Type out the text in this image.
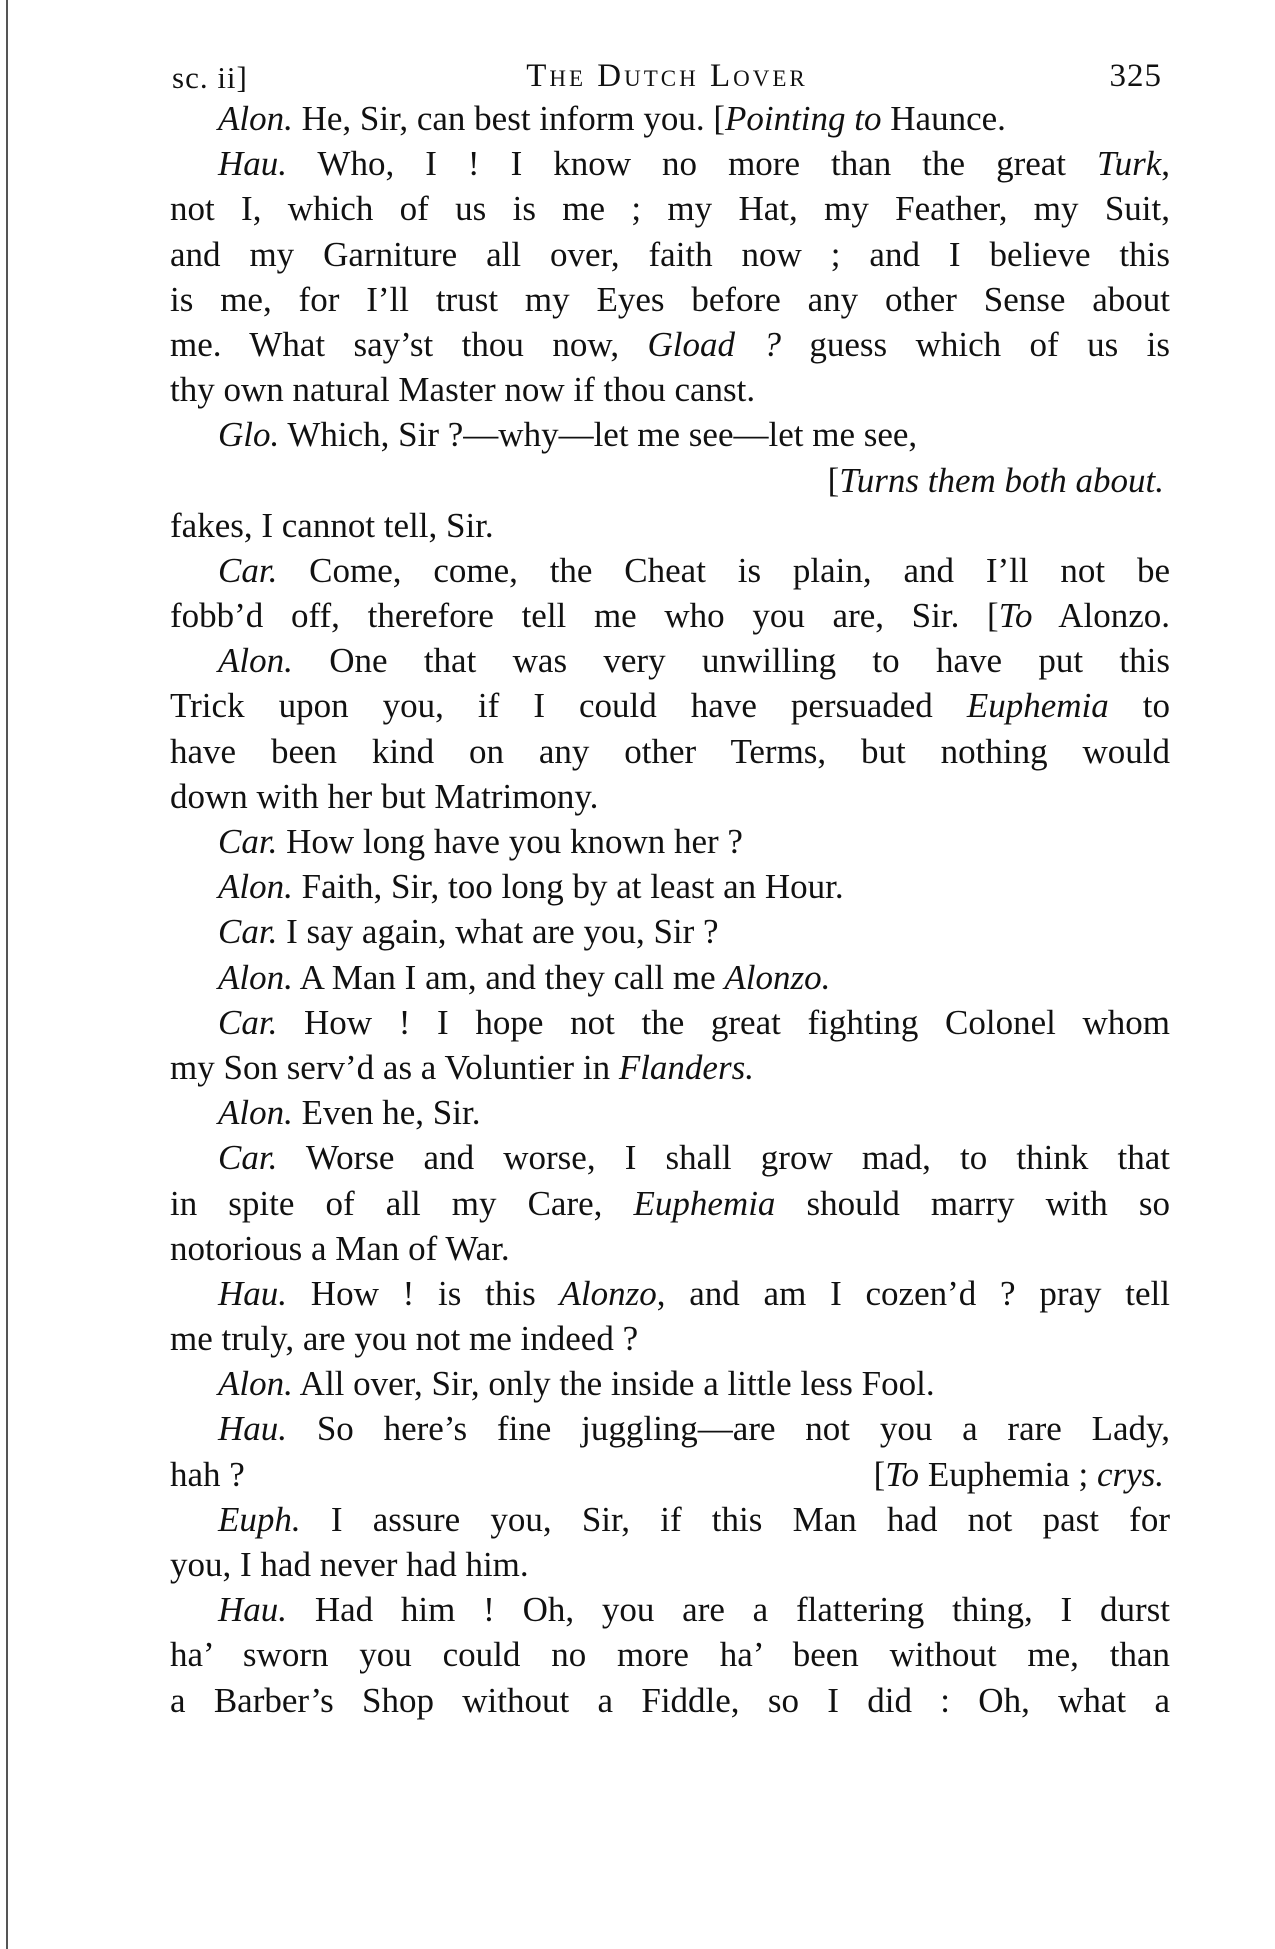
sc. ii]	The Dutch Lover	325
Alon. He, Sir, can best inform you. [Pointing to Haunce.
Hau. Who, I ! I know no more than the great Turk,
not I, which of us is me ; my Hat, my Feather, my Suit,
and my Garniture all over, faith now ; and I believe this
is me, for I’ll trust my Eyes before any other Sense about
me. What say’st thou now, Gload ? guess which of us is
thy own natural Master now if thou canst.
Glo. Which, Sir ?—why—let me see—let me see,
[Turns them both about.
fakes, I cannot tell, Sir.
Car. Come, come, the Cheat is plain, and I’ll not be
fobb’d off, therefore tell me who you are, Sir. [To Alonzo.
Alon. One that was very unwilling to have put this
Trick upon you, if I could have persuaded Euphemia to
have been kind on any other Terms, but nothing would
down with her but Matrimony.
Car. How long have you known her ?
Alon. Faith, Sir, too long by at least an Hour.
Car. I say again, what are you, Sir ?
Alon. A Man I am, and they call me Alonzo.
Car. How ! I hope not the great fighting Colonel whom
my Son serv’d as a Voluntier in Flanders.
Alon. Even he, Sir.
Car. Worse and worse, I shall grow mad, to think that
in spite of all my Care, Euphemia should marry with so
notorious a Man of War.
Hau. How ! is this Alonzo, and am I cozen’d ? pray tell
me truly, are you not me indeed ?
Alon. All over, Sir, only the inside a little less Fool.
Hau. So here’s fine juggling—are not you a rare Lady,
hah ?	[To Euphemia ; crys.
Euph. I assure you, Sir, if this Man had not past for
you, I had never had him.
Hau. Had him ! Oh, you are a flattering thing, I durst
ha’ sworn you could no more ha’ been without me, than
a Barber’s Shop without a Fiddle, so I did : Oh, what a
